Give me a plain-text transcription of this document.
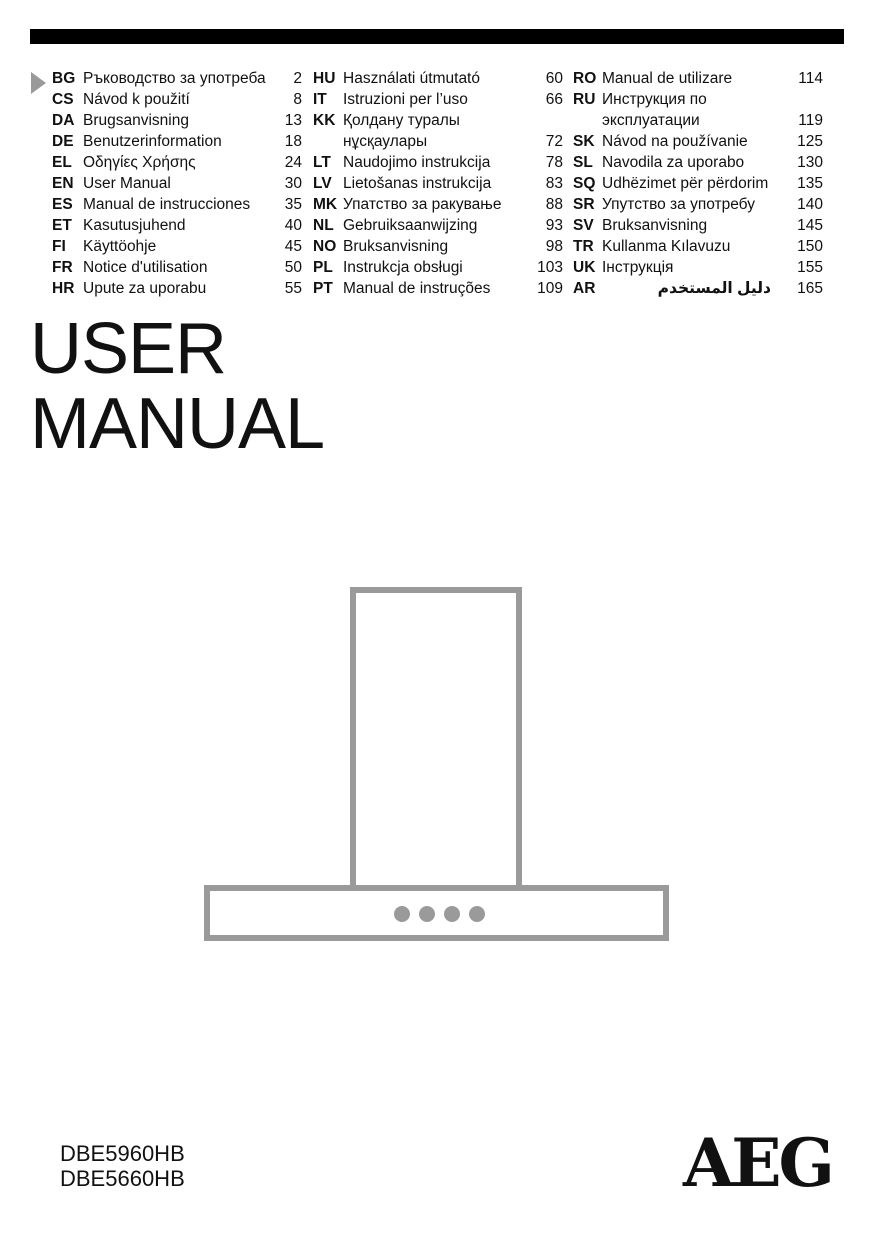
BG Ръководство за употреба	2
CS Návod k použití	8
DA Brugsanvisning	13
DE Benutzerinformation	18
EL Οδηγίες Χρήσης	24
EN User Manual	30
ES Manual de instrucciones	35
ET Kasutusjuhend	40
FI Käyttöohje	45
FR Notice d'utilisation	50
HR Upute za uporabu	55
HU Használati útmutató	60
IT Istruzioni per l’uso	66
KK Қолдану туралы
нұсқаулары	72
LT Naudojimo instrukcija	78
LV Lietošanas instrukcija	83
MK Упатство за ракување	88
NL Gebruiksaanwijzing	93
NO Bruksanvisning	98
PL Instrukcja obsługi	103
PT Manual de instruções	109
RO Manual de utilizare	114
RU Инструкция по
эксплуатации	119
SK Návod na používanie	125
SL Navodila za uporabo	130
SQ Udhëzimet për përdorim	135
SR Упутство за употребу	140
SV Bruksanvisning	145
TR Kullanma Kılavuzu	150
UK Інструкція	155
AR	دليل المستخدم	165
USER
MANUAL
DBE5960HB
DBE5660HB	AEG
